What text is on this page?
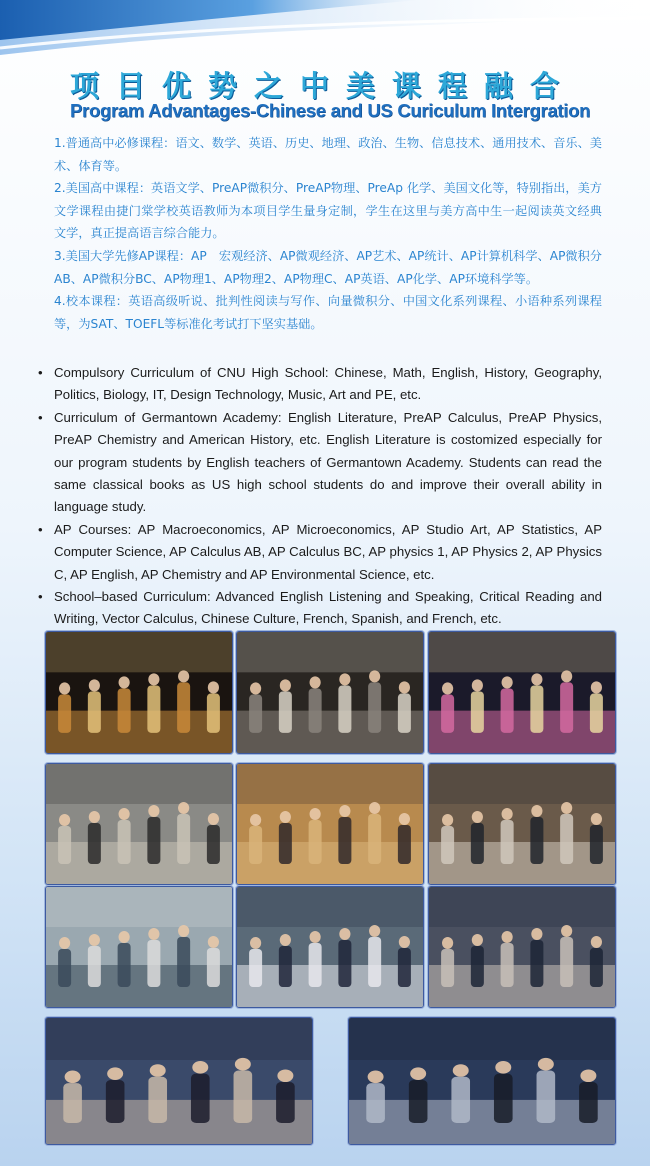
项目优势之中美课程融合
Program Advantages-Chinese and US Curiculum Intergration

1.普通高中必修课程：语文、数学、英语、历史、地理、政治、生物、信息技术、通用技术、音乐、美术、体育等。

2.美国高中课程：英语文学、PreAP微积分、PreAP物理、PreAp 化学、美国文化等，特别指出，美方文学课程由捷门棠学校英语教师为本项目学生量身定制，学生在这里与美方高中生一起阅读英文经典文学，真正提高语言综合能力。

3.美国大学先修AP课程：AP　宏观经济、AP微观经济、AP艺术、AP统计、AP计算机科学、AP微积分AB、AP微积分BC、AP物理1、AP物理2、AP物理C、AP英语、AP化学、AP环境科学等。

4.校本课程：英语高级听说、批判性阅读与写作、向量微积分、中国文化系列课程、小语种系列课程等，为SAT、TOEFL等标准化考试打下坚实基础。

• Compulsory Curriculum of CNU High School: Chinese, Math, English, History, Geography, Politics, Biology, IT, Design Technology, Music, Art and PE, etc.
• Curriculum of Germantown Academy: English Literature, PreAP Calculus, PreAP Physics, PreAP Chemistry and American History, etc. English Literature is costomized especially for our program students by English teachers of Germantown Academy. Students can read the same classical books as US high school students do and improve their overall ability in language study.
• AP Courses: AP Macroeconomics, AP Microeconomics, AP Studio Art, AP Statistics, AP Computer Science, AP Calculus AB, AP Calculus BC, AP physics 1, AP Physics 2, AP Physics C, AP English, AP Chemistry and AP Environmental Science, etc.
• School–based Curriculum: Advanced English Listening and Speaking, Critical Reading and Writing, Vector Calculus, Chinese Culture, French, Spanish, and French, etc.
